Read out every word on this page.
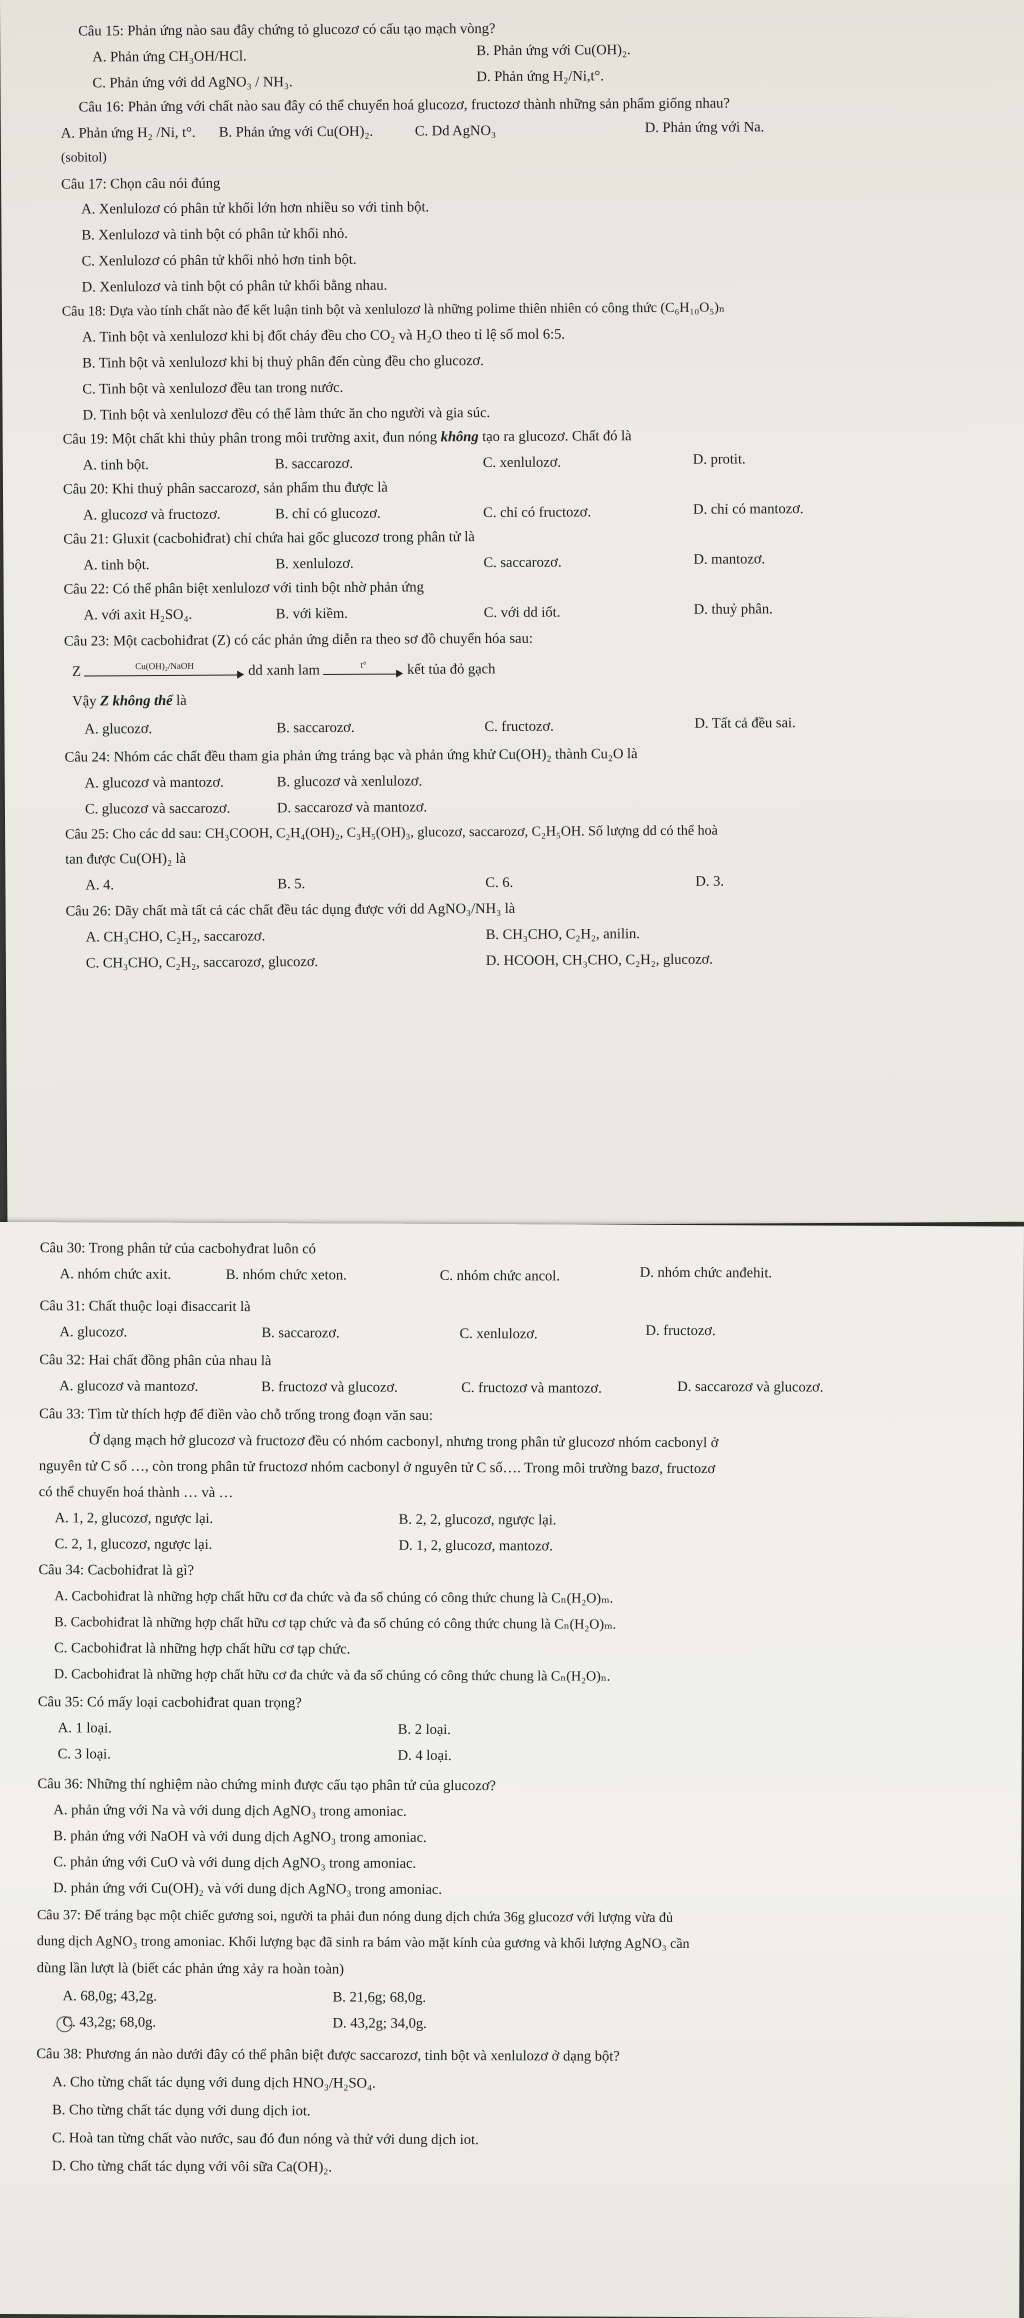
Câu 15: Phản ứng nào sau đây chứng tỏ glucozơ có cấu tạo mạch vòng?
A. Phản ứng CH₃OH/HCl.	B. Phản ứng với Cu(OH)₂.
C. Phản ứng với dd AgNO₃ / NH₃.	D. Phản ứng H₂/Ni,t°.
Câu 16: Phản ứng với chất nào sau đây có thể chuyển hoá glucozơ, fructozơ thành những sản phẩm giống nhau?
A. Phản ứng H₂ /Ni, t°. B. Phản ứng với Cu(OH)₂.	C. Dd AgNO₃	D. Phản ứng với Na.
(sobitol)
Câu 17: Chọn câu nói đúng
A. Xenlulozơ có phân tử khối lớn hơn nhiều so với tinh bột.
B. Xenlulozơ và tinh bột có phân tử khối nhỏ.
C. Xenlulozơ có phân tử khối nhỏ hơn tinh bột.
D. Xenlulozơ và tinh bột có phân tử khối bằng nhau.
Câu 18: Dựa vào tính chất nào để kết luận tinh bột và xenlulozơ là những polime thiên nhiên có công thức (C₆H₁₀O₅)ₙ
A. Tinh bột và xenlulozơ khi bị đốt cháy đều cho CO₂ và H₂O theo tỉ lệ số mol 6:5.
B. Tinh bột và xenlulozơ khi bị thuỷ phân đến cùng đều cho glucozơ.
C. Tinh bột và xenlulozơ đều tan trong nước.
D. Tinh bột và xenlulozơ đều có thể làm thức ăn cho người và gia súc.
Câu 19: Một chất khi thủy phân trong môi trường axit, đun nóng không tạo ra glucozơ. Chất đó là
A. tinh bột.	B. saccarozơ.	C. xenlulozơ.	D. protit.
Câu 20: Khi thuỷ phân saccarozơ, sản phẩm thu được là
A. glucozơ và fructozơ.	B. chỉ có glucozơ.	C. chỉ có fructozơ.	D. chỉ có mantozơ.
Câu 21: Gluxit (cacbohiđrat) chỉ chứa hai gốc glucozơ trong phân tử là
A. tinh bột.	B. xenlulozơ.	C. saccarozơ.	D. mantozơ.
Câu 22: Có thể phân biệt xenlulozơ với tinh bột nhờ phản ứng
A. với axit H₂SO₄.	B. với kiềm.	C. với dd iốt.	D. thuỷ phân.
Câu 23: Một cacbohiđrat (Z) có các phản ứng diễn ra theo sơ đồ chuyển hóa sau:
Z	Cu(OH)₂/NaOH	dd xanh lam	t°	kết tủa đỏ gạch
Vậy Z không thể là
A. glucozơ.	B. saccarozơ.	C. fructozơ.	D. Tất cả đều sai.
Câu 24: Nhóm các chất đều tham gia phản ứng tráng bạc và phản ứng khử Cu(OH)₂ thành Cu₂O là
A. glucozơ và mantozơ.	B. glucozơ và xenlulozơ.
C. glucozơ và saccarozơ.	D. saccarozơ và mantozơ.
Câu 25: Cho các dd sau: CH₃COOH, C₂H₄(OH)₂, C₃H₅(OH)₃, glucozơ, saccarozơ, C₂H₅OH. Số lượng dd có thể hoà
tan được Cu(OH)₂ là
A. 4.	B. 5.	C. 6.	D. 3.
Câu 26: Dãy chất mà tất cả các chất đều tác dụng được với dd AgNO₃/NH₃ là
A. CH₃CHO, C₂H₂, saccarozơ.	B. CH₃CHO, C₂H₂, anilin.
C. CH₃CHO, C₂H₂, saccarozơ, glucozơ.	D. HCOOH, CH₃CHO, C₂H₂, glucozơ.
Câu 30: Trong phân tử của cacbohyđrat luôn có
A. nhóm chức axit.	B. nhóm chức xeton.	C. nhóm chức ancol.	D. nhóm chức anđehit.
Câu 31: Chất thuộc loại đisaccarit là
A. glucozơ.	B. saccarozơ.	C. xenlulozơ.	D. fructozơ.
Câu 32: Hai chất đồng phân của nhau là
A. glucozơ và mantozơ.	B. fructozơ và glucozơ.	C. fructozơ và mantozơ.	D. saccarozơ và glucozơ.
Câu 33: Tìm từ thích hợp để điền vào chỗ trống trong đoạn văn sau:
Ở dạng mạch hở glucozơ và fructozơ đều có nhóm cacbonyl, nhưng trong phân tử glucozơ nhóm cacbonyl ở
nguyên tử C số …, còn trong phân tử fructozơ nhóm cacbonyl ở nguyên tử C số…. Trong môi trường bazơ, fructozơ
có thể chuyển hoá thành … và …
A. 1, 2, glucozơ, ngược lại.	B. 2, 2, glucozơ, ngược lại.
C. 2, 1, glucozơ, ngược lại.	D. 1, 2, glucozơ, mantozơ.
Câu 34: Cacbohiđrat là gì?
A. Cacbohiđrat là những hợp chất hữu cơ đa chức và đa số chúng có công thức chung là Cₙ(H₂O)ₘ.
B. Cacbohiđrat là những hợp chất hữu cơ tạp chức và đa số chúng có công thức chung là Cₙ(H₂O)ₘ.
C. Cacbohiđrat là những hợp chất hữu cơ tạp chức.
D. Cacbohiđrat là những hợp chất hữu cơ đa chức và đa số chúng có công thức chung là Cₙ(H₂O)ₙ.
Câu 35: Có mấy loại cacbohiđrat quan trọng?
A. 1 loại.	B. 2 loại.
C. 3 loại.	D. 4 loại.
Câu 36: Những thí nghiệm nào chứng minh được cấu tạo phân tử của glucozơ?
A. phản ứng với Na và với dung dịch AgNO₃ trong amoniac.
B. phản ứng với NaOH và với dung dịch AgNO₃ trong amoniac.
C. phản ứng với CuO và với dung dịch AgNO₃ trong amoniac.
D. phản ứng với Cu(OH)₂ và với dung dịch AgNO₃ trong amoniac.
Câu 37: Để tráng bạc một chiếc gương soi, người ta phải đun nóng dung dịch chứa 36g glucozơ với lượng vừa đủ
dung dịch AgNO₃ trong amoniac. Khối lượng bạc đã sinh ra bám vào mặt kính của gương và khối lượng AgNO₃ cần
dùng lần lượt là (biết các phản ứng xảy ra hoàn toàn)
A. 68,0g; 43,2g.	B. 21,6g; 68,0g.
C. 43,2g; 68,0g.	D. 43,2g; 34,0g.
Câu 38: Phương án nào dưới đây có thể phân biệt được saccarozơ, tinh bột và xenlulozơ ở dạng bột?
A. Cho từng chất tác dụng với dung dịch HNO₃/H₂SO₄.
B. Cho từng chất tác dụng với dung dịch iot.
C. Hoà tan từng chất vào nước, sau đó đun nóng và thử với dung dịch iot.
D. Cho từng chất tác dụng với vôi sữa Ca(OH)₂.
